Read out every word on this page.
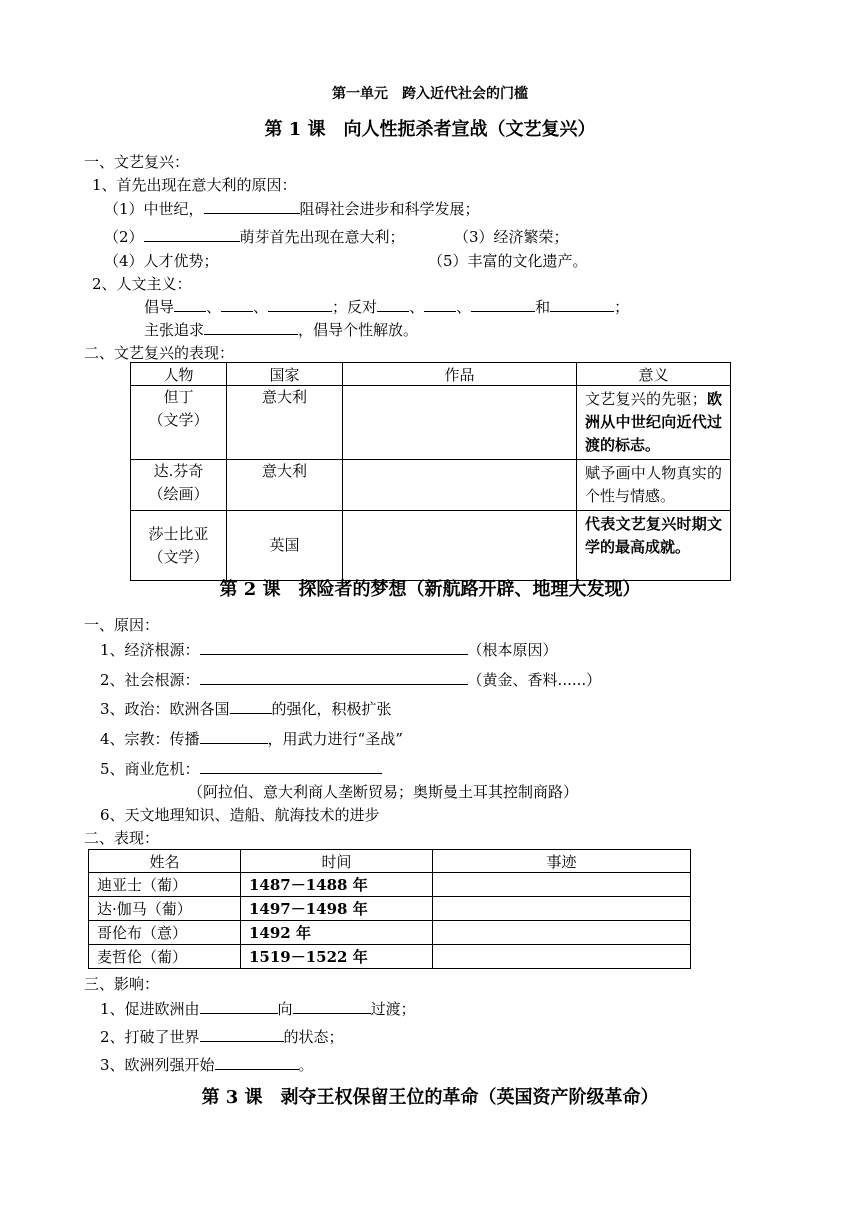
第一单元　跨入近代社会的门槛
第 1 课　向人性扼杀者宣战（文艺复兴）
一、文艺复兴：
1、首先出现在意大利的原因：
（1）中世纪，	阻碍社会进步和科学发展；
（2）	萌芽首先出现在意大利；	（3）经济繁荣；
（4）人才优势；	（5）丰富的文化遗产。
2、人文主义：
倡导 、 、	；反对 、 、	和	；
主张追求	，倡导个性解放。
二、文艺复兴的表现：
人物	国家	作品	意义

但丁
（文学）	意大利		文艺复兴的先驱；欧洲从中世纪向近代过渡的标志。

达.芬奇
（绘画）	意大利		赋予画中人物真实的个性与情感。

莎士比亚
（文学）	英国		代表文艺复兴时期文学的最高成就。
第 2 课　探险者的梦想（新航路开辟、地理大发现）
一、原因：
1、经济根源：	（根本原因）
2、社会根源：	（黄金、香料......）
3、政治：欧洲各国	的强化，积极扩张
4、宗教：传播	，用武力进行“圣战”
5、商业危机：
（阿拉伯、意大利商人垄断贸易；奥斯曼土耳其控制商路）
6、天文地理知识、造船、航海技术的进步
二、表现：
姓名	时间	事迹
迪亚士（葡）	1487－1488 年	
达·伽马（葡）	1497－1498 年	
哥伦布（意）	1492 年	
麦哲伦（葡）	1519－1522 年	
三、影响：
1、促进欧洲由	向	过渡；
2、打破了世界	的状态；
3、欧洲列强开始	。
第 3 课　剥夺王权保留王位的革命（英国资产阶级革命）
